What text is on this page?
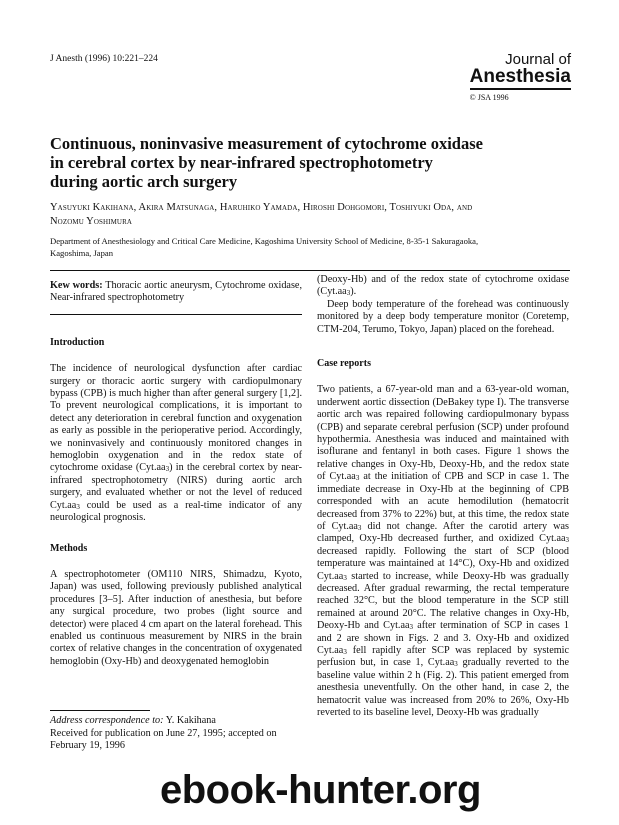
J Anesth (1996) 10:221–224	Journal of
Anesthesia
© JSA 1996
Continuous, noninvasive measurement of cytochrome oxidase
in cerebral cortex by near-infrared spectrophotometry
during aortic arch surgery
Yasuyuki Kakihana, Akira Matsunaga, Haruhiko Yamada, Hiroshi Dohgomori, Toshiyuki Oda, and
Nozomu Yoshimura
Department of Anesthesiology and Critical Care Medicine, Kagoshima University School of Medicine, 8-35-1 Sakuragaoka,
Kagoshima, Japan

Kew words: Thoracic aortic aneurysm, Cytochrome oxidase, Near-infrared spectrophotometry

Introduction

The incidence of neurological dysfunction after cardiac surgery or thoracic aortic surgery with cardiopulmonary bypass (CPB) is much higher than after general surgery [1,2]. To prevent neurological complications, it is important to detect any deterioration in cerebral function and oxygenation as early as possible in the perioperative period. Accordingly, we noninvasively and continuously monitored changes in hemoglobin oxygenation and in the redox state of cytochrome oxidase $(Cyt.aa_3)$ in the cerebral cortex by near-infrared spectrophotometry (NIRS) during aortic arch surgery, and evaluated whether or not the level of reduced $Cyt.aa_3$ could be used as a real-time indicator of any neurological prognosis.

Methods

A spectrophotometer (OM110 NIRS, Shimadzu, Kyoto, Japan) was used, following previously published analytical procedures [3–5]. After induction of anesthesia, but before any surgical procedure, two probes (light source and detector) were placed 4 cm apart on the lateral forehead. This enabled us continuous measurement by NIRS in the brain cortex of relative changes in the concentration of oxygenated hemoglobin (Oxy-Hb) and deoxygenated hemoglobin

(Deoxy-Hb) and of the redox state of cytochrome oxidase $(Cyt.aa_3)$.

Deep body temperature of the forehead was continuously monitored by a deep body temperature monitor (Coretemp, CTM-204, Terumo, Tokyo, Japan) placed on the forehead.

Case reports

Two patients, a 67-year-old man and a 63-year-old woman, underwent aortic dissection (DeBakey type I). The transverse aortic arch was repaired following cardiopulmonary bypass (CPB) and separate cerebral perfusion (SCP) under profound hypothermia. Anesthesia was induced and maintained with isoflurane and fentanyl in both cases. Figure 1 shows the relative changes in Oxy-Hb, Deoxy-Hb, and the redox state of $Cyt.aa_3$ at the initiation of CPB and SCP in case 1. The immediate decrease in Oxy-Hb at the beginning of CPB corresponded with an acute hemodilution (hematocrit decreased from 37% to 22%) but, at this time, the redox state of $Cyt.aa_3$ did not change. After the carotid artery was clamped, Oxy-Hb decreased further, and oxidized $Cyt.aa_3$ decreased rapidly. Following the start of SCP (blood temperature was maintained at 14°C), Oxy-Hb and oxidized $Cyt.aa_3$ started to increase, while Deoxy-Hb was gradually decreased. After gradual rewarming, the rectal temperature reached 32°C, but the blood temperature in the SCP still remained at around 20°C. The relative changes in Oxy-Hb, Deoxy-Hb and $Cyt.aa_3$ after termination of SCP in cases 1 and 2 are shown in Figs. 2 and 3. Oxy-Hb and oxidized $Cyt.aa_3$ fell rapidly after SCP was replaced by systemic perfusion but, in case 1, $Cyt.aa_3$ gradually reverted to the baseline value within 2 h (Fig. 2). This patient emerged from anesthesia uneventfully. On the other hand, in case 2, the hematocrit value was increased from 20% to 26%, Oxy-Hb reverted to its baseline level, Deoxy-Hb was gradually

Address correspondence to: Y. Kakihana
Received for publication on June 27, 1995; accepted on February 19, 1996
ebook-hunter.org
